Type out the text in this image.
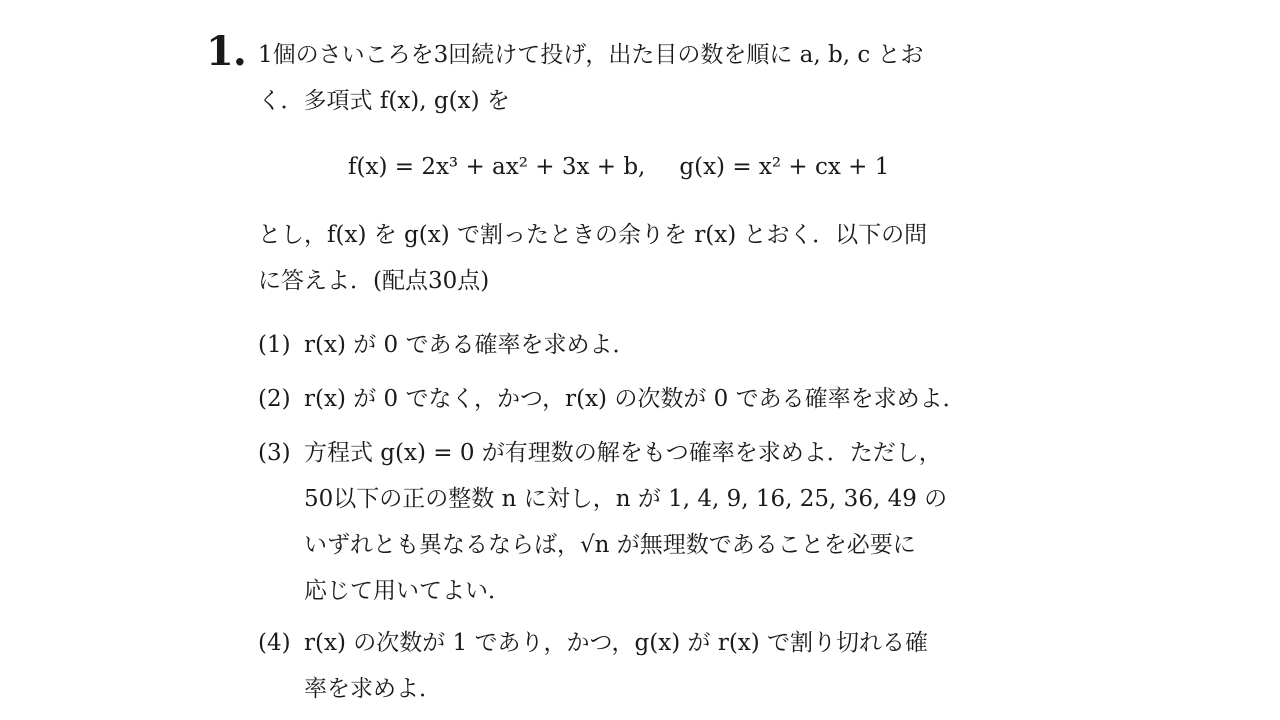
1. 1個のさいころを3回続けて投げ，出た目の数を順に a, b, c とお
く．多項式 f(x), g(x) を
f(x) = 2x³ + ax² + 3x + b, g(x) = x² + cx + 1
とし，f(x) を g(x) で割ったときの余りを r(x) とおく．以下の問
に答えよ．(配点30点)
(1) r(x) が 0 である確率を求めよ．
(2) r(x) が 0 でなく，かつ，r(x) の次数が 0 である確率を求めよ．
(3) 方程式 g(x) = 0 が有理数の解をもつ確率を求めよ．ただし，
50以下の正の整数 n に対し，n が 1, 4, 9, 16, 25, 36, 49 の
いずれとも異なるならば，√n が無理数であることを必要に
応じて用いてよい．
(4) r(x) の次数が 1 であり，かつ，g(x) が r(x) で割り切れる確
率を求めよ．
